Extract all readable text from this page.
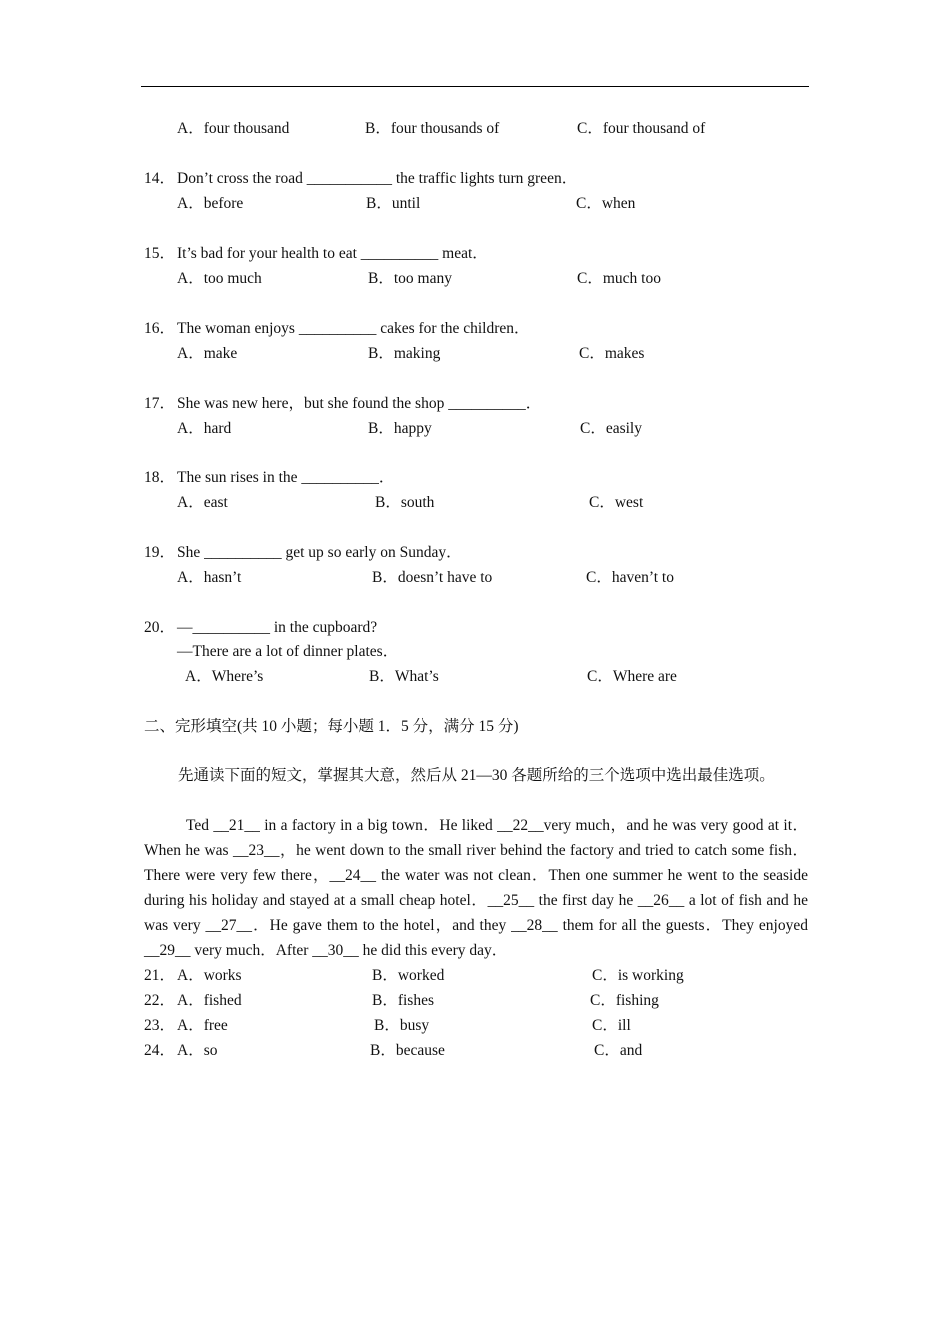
A．four thousand	B．four thousands of	C．four thousand of
14． Don’t cross the road ___________ the traffic lights turn green．
A．before	B．until	C．when
15． It’s bad for your health to eat __________ meat．
A．too much	B．too many	C．much too
16． The woman enjoys __________ cakes for the children．
A．make	B．making	C．makes
17． She was new here，but she found the shop __________．
A．hard	B．happy	C．easily
18． The sun rises in the __________．
A．east	B．south	C．west
19． She __________ get up so early on Sunday．
A．hasn’t	B．doesn’t have to	C．haven’t to
20． —__________ in the cupboard?
—There are a lot of dinner plates．
A．Where’s	B．What’s	C．Where are
二、完形填空(共 10 小题；每小题 1．5 分，满分 15 分)
先通读下面的短文，掌握其大意，然后从 21—30 各题所给的三个选项中选出最佳选项。
Ted __21__ in a factory in a big town．He liked __22__very much，and he was very good at it．When he was __23__，he went down to the small river behind the factory and tried to catch some fish．There were very few there，__24__ the water was not clean．Then one summer he went to the seaside during his holiday and stayed at a small cheap hotel．__25__ the first day he __26__ a lot of fish and he was very __27__．He gave them to the hotel，and they __28__ them for all the guests．They enjoyed __29__ very much．After __30__ he did this every day．
21． A．works	B．worked	C．is working
22． A．fished	B．fishes	C．fishing
23． A．free	B．busy	C．ill
24． A．so	B．because	C．and
